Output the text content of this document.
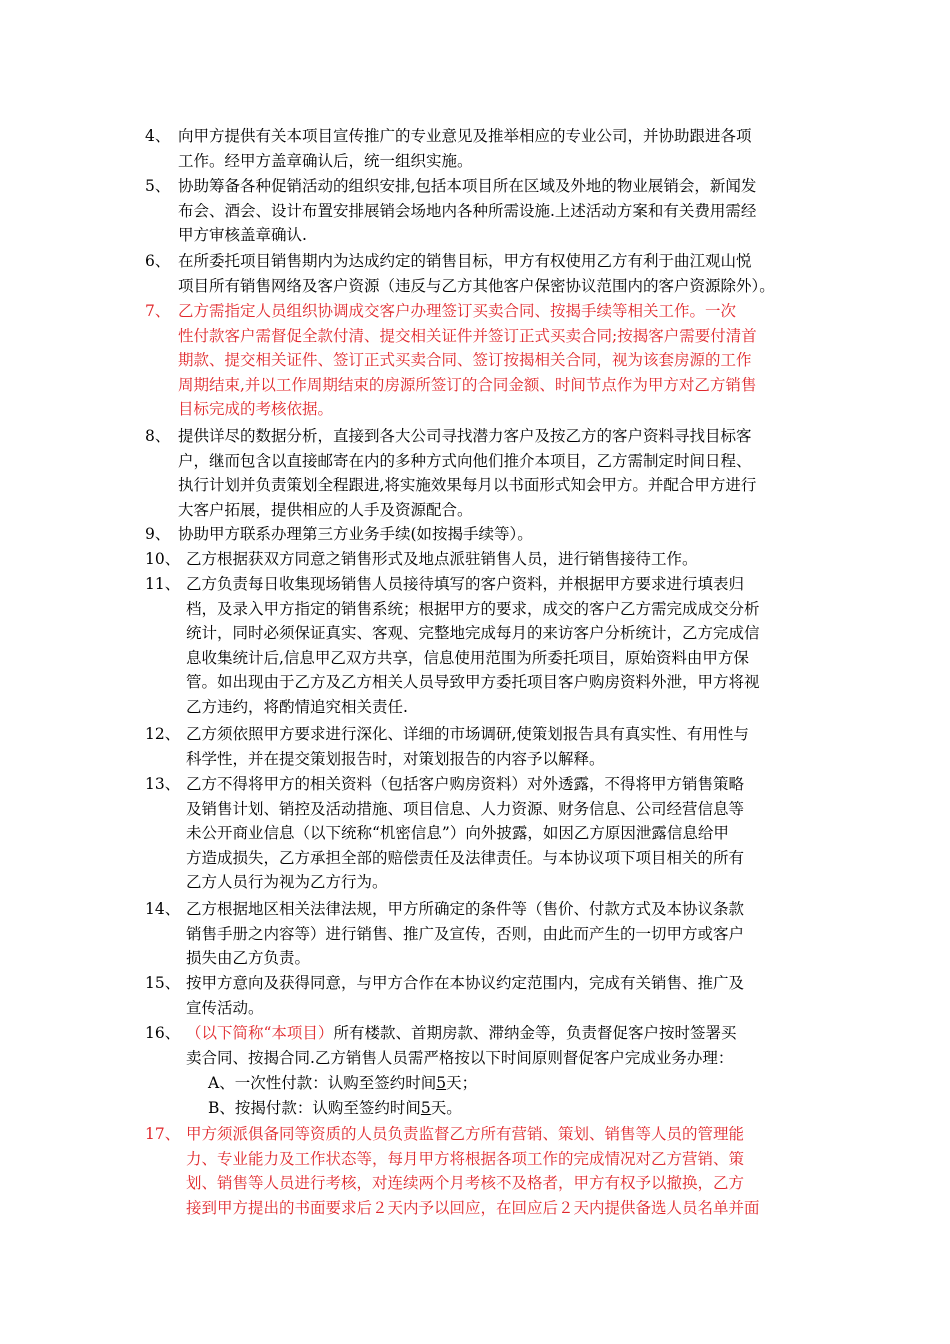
4、 向甲方提供有关本项目宣传推广的专业意见及推举相应的专业公司，并协助跟进各项
工作。经甲方盖章确认后，统一组织实施。
5、 协助筹备各种促销活动的组织安排,包括本项目所在区域及外地的物业展销会，新闻发
布会、酒会、设计布置安排展销会场地内各种所需设施.上述活动方案和有关费用需经
甲方审核盖章确认.
6、 在所委托项目销售期内为达成约定的销售目标，甲方有权使用乙方有利于曲江观山悦
项目所有销售网络及客户资源（违反与乙方其他客户保密协议范围内的客户资源除外）。
7、 乙方需指定人员组织协调成交客户办理签订买卖合同、按揭手续等相关工作。一次
性付款客户需督促全款付清、提交相关证件并签订正式买卖合同;按揭客户需要付清首
期款、提交相关证件、签订正式买卖合同、签订按揭相关合同，视为该套房源的工作
周期结束,并以工作周期结束的房源所签订的合同金额、时间节点作为甲方对乙方销售
目标完成的考核依据。
8、 提供详尽的数据分析，直接到各大公司寻找潜力客户及按乙方的客户资料寻找目标客
户，继而包含以直接邮寄在内的多种方式向他们推介本项目，乙方需制定时间日程、
执行计划并负责策划全程跟进,将实施效果每月以书面形式知会甲方。并配合甲方进行
大客户拓展，提供相应的人手及资源配合。
9、 协助甲方联系办理第三方业务手续(如按揭手续等）。
10、 乙方根据获双方同意之销售形式及地点派驻销售人员，进行销售接待工作。
11、 乙方负责每日收集现场销售人员接待填写的客户资料，并根据甲方要求进行填表归
档，及录入甲方指定的销售系统；根据甲方的要求，成交的客户乙方需完成成交分析
统计，同时必须保证真实、客观、完整地完成每月的来访客户分析统计，乙方完成信
息收集统计后,信息甲乙双方共享，信息使用范围为所委托项目，原始资料由甲方保
管。如出现由于乙方及乙方相关人员导致甲方委托项目客户购房资料外泄，甲方将视
乙方违约，将酌情追究相关责任.
12、 乙方须依照甲方要求进行深化、详细的市场调研,使策划报告具有真实性、有用性与
科学性，并在提交策划报告时，对策划报告的内容予以解释。
13、 乙方不得将甲方的相关资料（包括客户购房资料）对外透露，不得将甲方销售策略
及销售计划、销控及活动措施、项目信息、人力资源、财务信息、公司经营信息等
未公开商业信息（以下统称“机密信息”）向外披露，如因乙方原因泄露信息给甲
方造成损失，乙方承担全部的赔偿责任及法律责任。与本协议项下项目相关的所有
乙方人员行为视为乙方行为。
14、 乙方根据地区相关法律法规，甲方所确定的条件等（售价、付款方式及本协议条款
销售手册之内容等）进行销售、推广及宣传，否则，由此而产生的一切甲方或客户
损失由乙方负责。
15、 按甲方意向及获得同意，与甲方合作在本协议约定范围内，完成有关销售、推广及
宣传活动。
16、 （以下简称“本项目）所有楼款、首期房款、滞纳金等，负责督促客户按时签署买
卖合同、按揭合同.乙方销售人员需严格按以下时间原则督促客户完成业务办理：
17、 甲方须派俱备同等资质的人员负责监督乙方所有营销、策划、销售等人员的管理能
力、专业能力及工作状态等，每月甲方将根据各项工作的完成情况对乙方营销、策
划、销售等人员进行考核，对连续两个月考核不及格者，甲方有权予以撤换，乙方
接到甲方提出的书面要求后２天内予以回应，在回应后２天内提供备选人员名单并面
A、一次性付款：认购至签约时间5天；
B、按揭付款：认购至签约时间5天。
